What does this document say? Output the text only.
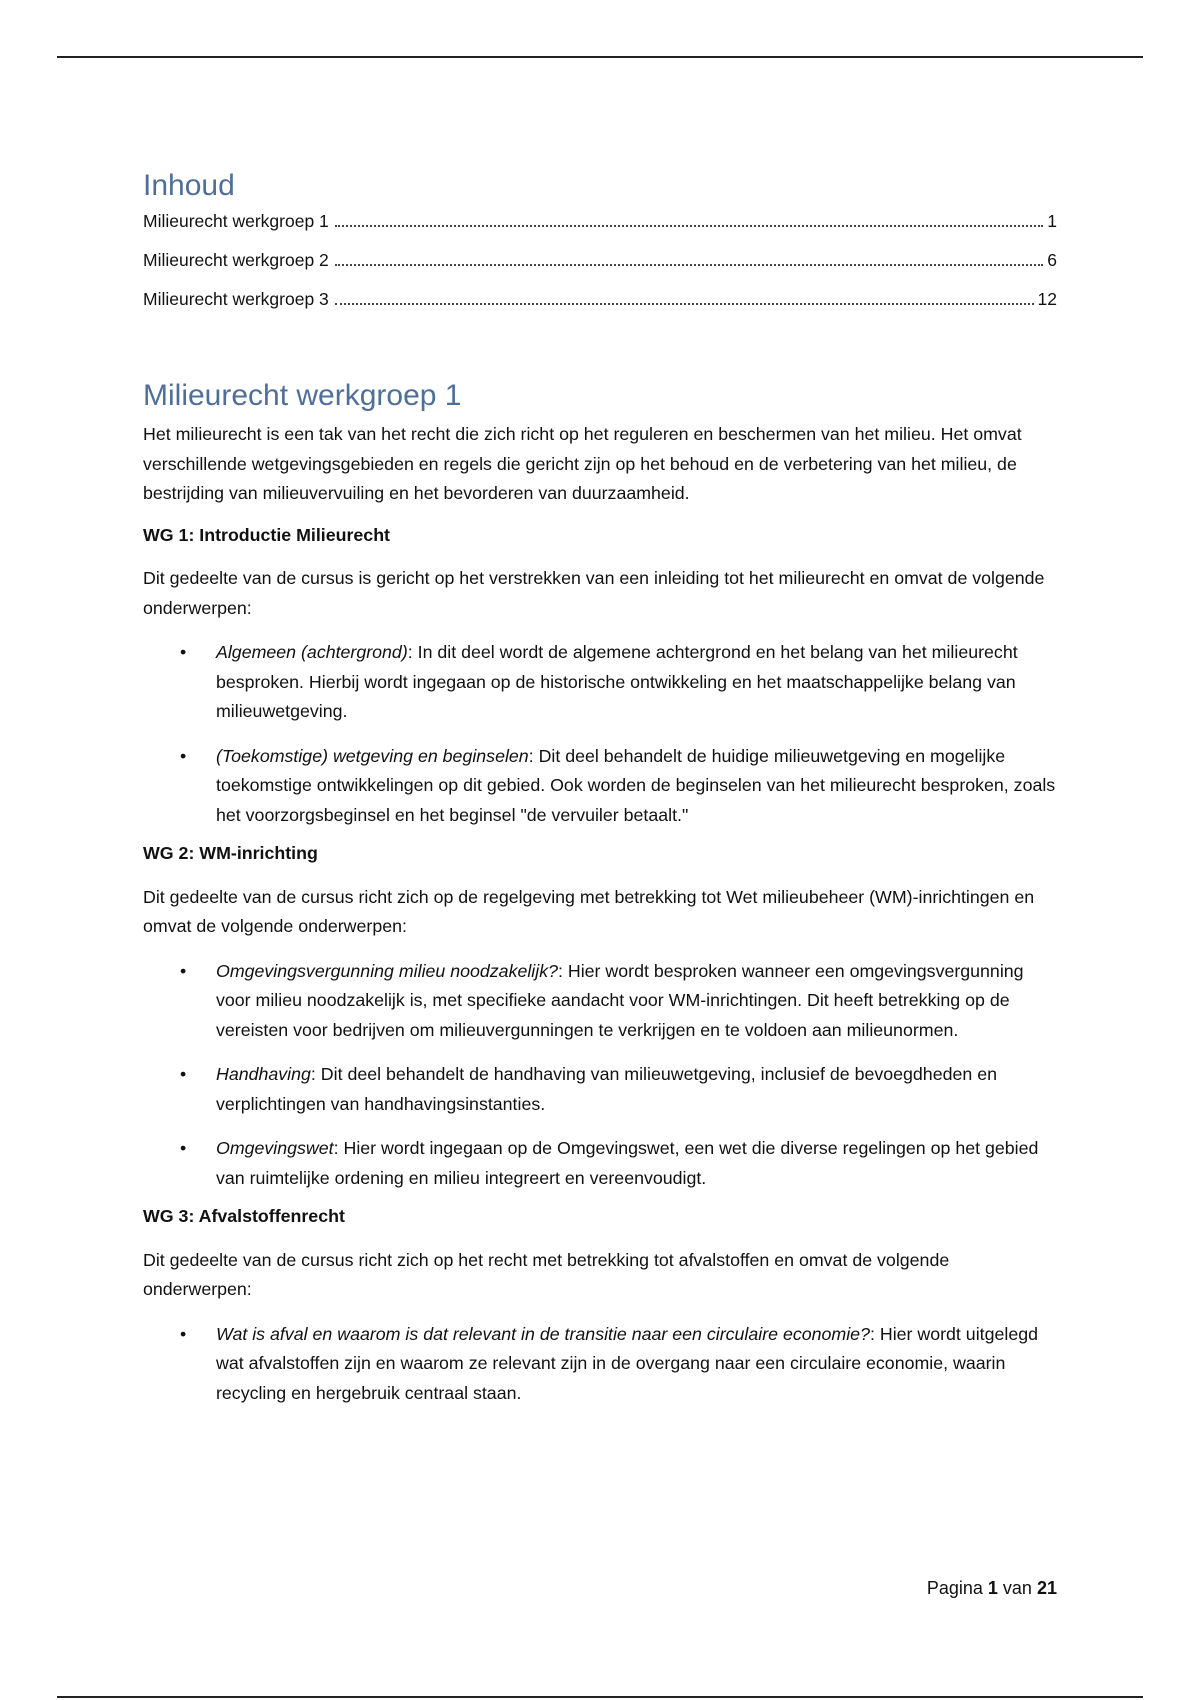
Inhoud
Milieurecht werkgroep 1	1
Milieurecht werkgroep 2	6
Milieurecht werkgroep 3	12
Milieurecht werkgroep 1

Het milieurecht is een tak van het recht die zich richt op het reguleren en beschermen van het milieu. Het omvat verschillende wetgevingsgebieden en regels die gericht zijn op het behoud en de verbetering van het milieu, de bestrijding van milieuvervuiling en het bevorderen van duurzaamheid.

WG 1: Introductie Milieurecht

Dit gedeelte van de cursus is gericht op het verstrekken van een inleiding tot het milieurecht en omvat de volgende onderwerpen:

• Algemeen (achtergrond): In dit deel wordt de algemene achtergrond en het belang van het milieurecht besproken. Hierbij wordt ingegaan op de historische ontwikkeling en het maatschappelijke belang van milieuwetgeving.
• (Toekomstige) wetgeving en beginselen: Dit deel behandelt de huidige milieuwetgeving en mogelijke toekomstige ontwikkelingen op dit gebied. Ook worden de beginselen van het milieurecht besproken, zoals het voorzorgsbeginsel en het beginsel "de vervuiler betaalt."

WG 2: WM-inrichting

Dit gedeelte van de cursus richt zich op de regelgeving met betrekking tot Wet milieubeheer (WM)-inrichtingen en omvat de volgende onderwerpen:

• Omgevingsvergunning milieu noodzakelijk?: Hier wordt besproken wanneer een omgevingsvergunning voor milieu noodzakelijk is, met specifieke aandacht voor WM-inrichtingen. Dit heeft betrekking op de vereisten voor bedrijven om milieuvergunningen te verkrijgen en te voldoen aan milieunormen.
• Handhaving: Dit deel behandelt de handhaving van milieuwetgeving, inclusief de bevoegdheden en verplichtingen van handhavingsinstanties.
• Omgevingswet: Hier wordt ingegaan op de Omgevingswet, een wet die diverse regelingen op het gebied van ruimtelijke ordening en milieu integreert en vereenvoudigt.

WG 3: Afvalstoffenrecht

Dit gedeelte van de cursus richt zich op het recht met betrekking tot afvalstoffen en omvat de volgende onderwerpen:

• Wat is afval en waarom is dat relevant in de transitie naar een circulaire economie?: Hier wordt uitgelegd wat afvalstoffen zijn en waarom ze relevant zijn in de overgang naar een circulaire economie, waarin recycling en hergebruik centraal staan.
Pagina 1 van 21
